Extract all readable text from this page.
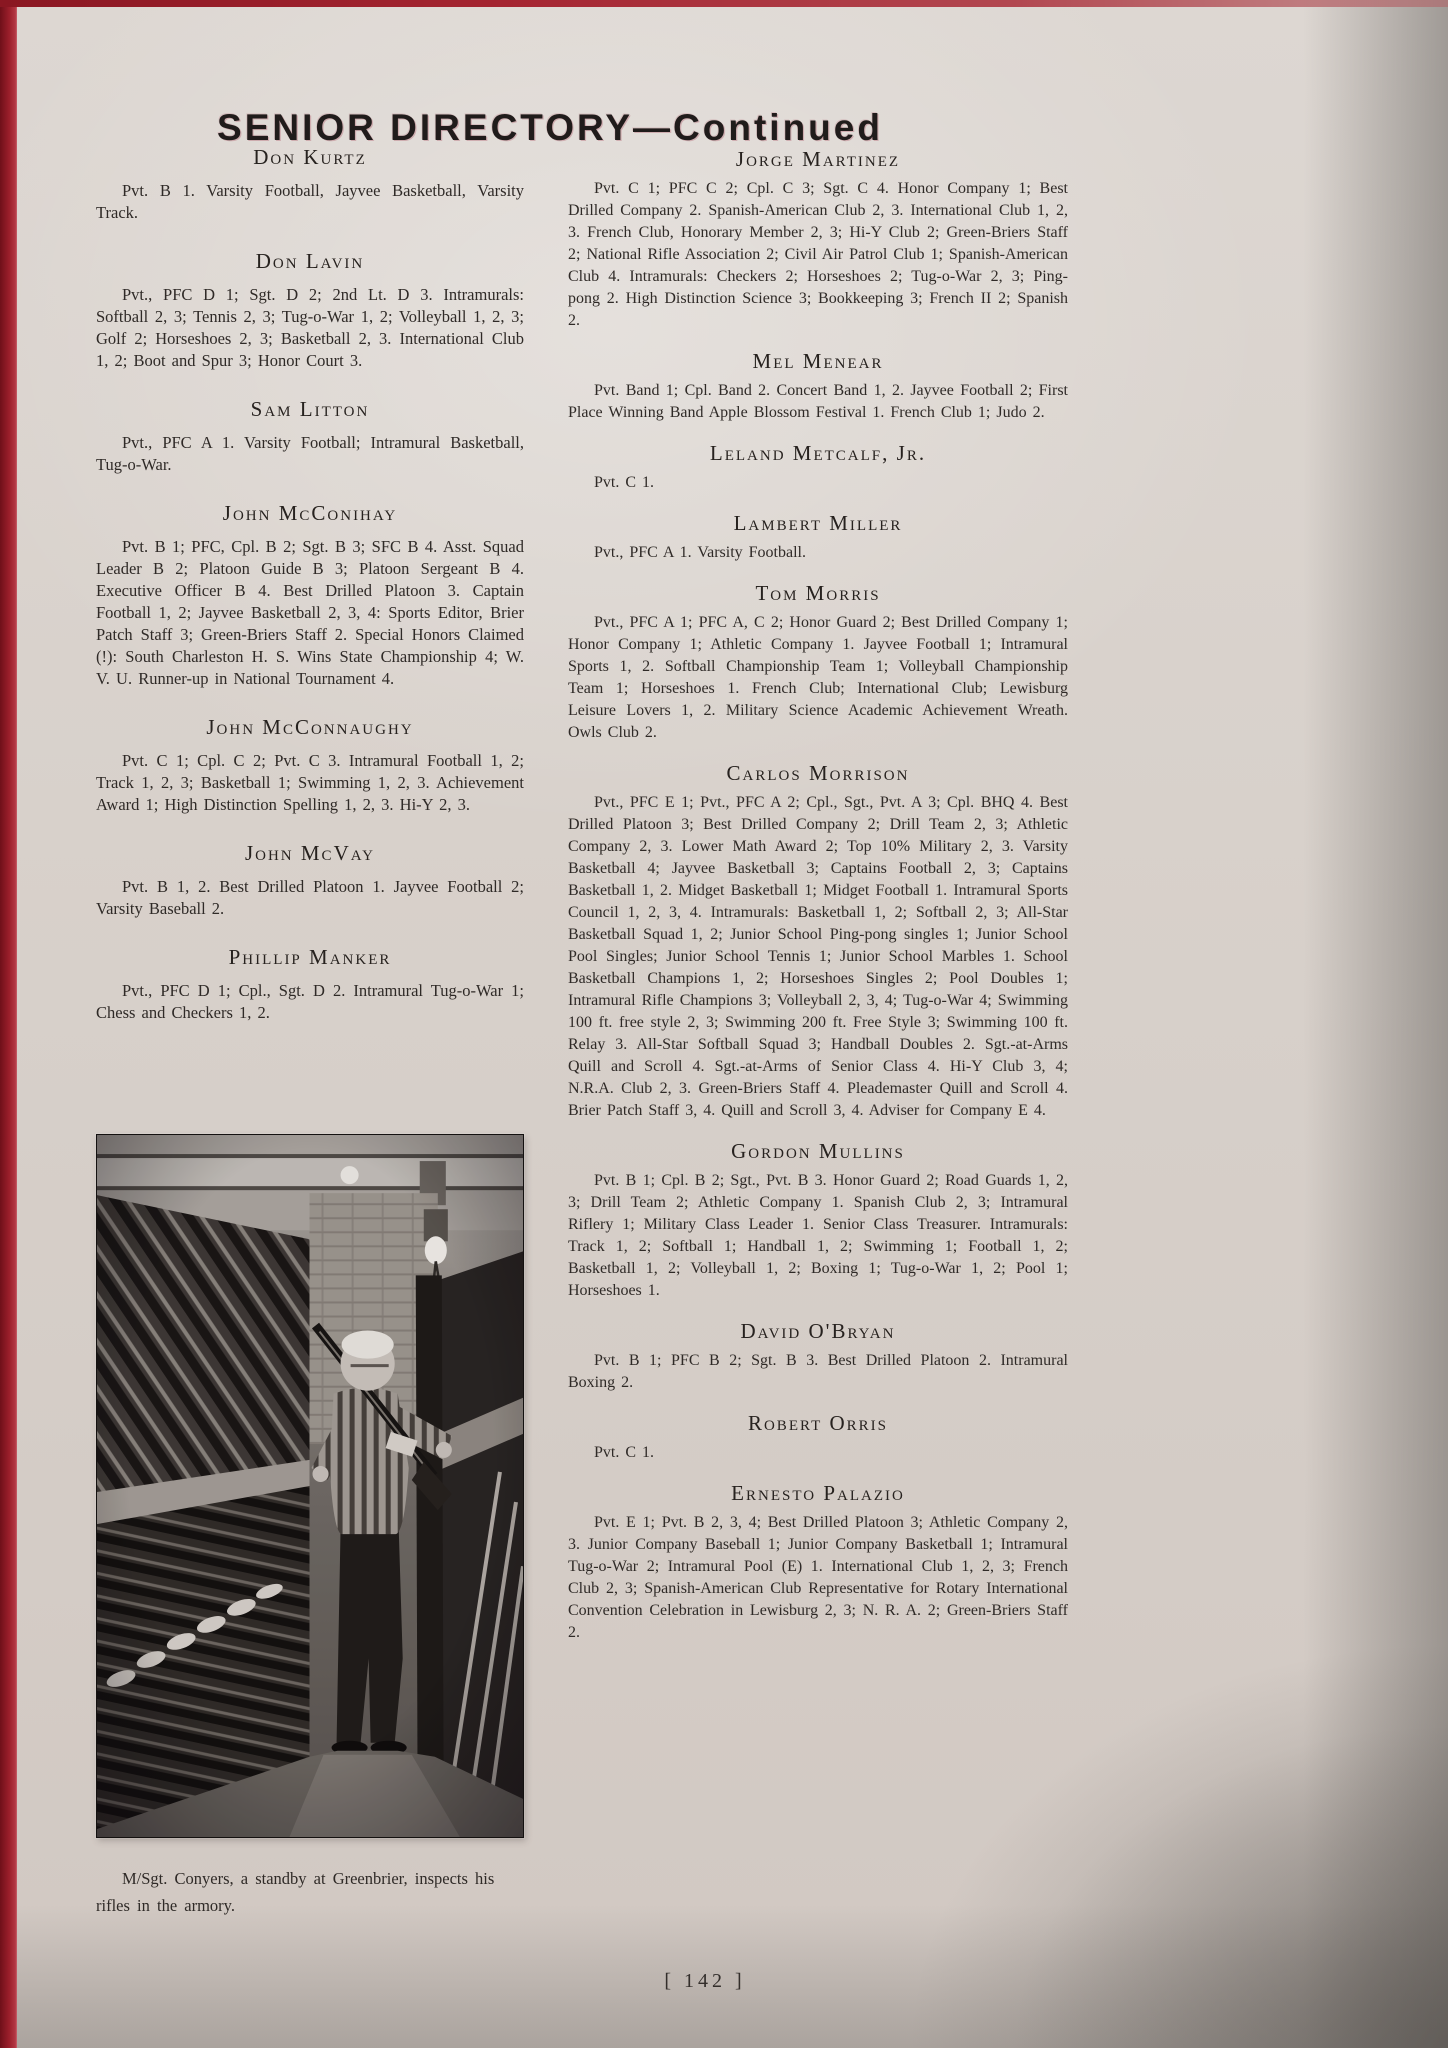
SENIOR DIRECTORY—Continued
Don Kurtz

Pvt. B 1. Varsity Football, Jayvee Basketball, Varsity Track.

Don Lavin

Pvt., PFC D 1; Sgt. D 2; 2nd Lt. D 3. Intramurals: Softball 2, 3; Tennis 2, 3; Tug-o-War 1, 2; Volleyball 1, 2, 3; Golf 2; Horseshoes 2, 3; Basketball 2, 3. International Club 1, 2; Boot and Spur 3; Honor Court 3.

Sam Litton

Pvt., PFC A 1. Varsity Football; Intramural Basketball, Tug-o-War.

John McConihay

Pvt. B 1; PFC, Cpl. B 2; Sgt. B 3; SFC B 4. Asst. Squad Leader B 2; Platoon Guide B 3; Platoon Sergeant B 4. Executive Officer B 4. Best Drilled Platoon 3. Captain Football 1, 2; Jayvee Basketball 2, 3, 4: Sports Editor, Brier Patch Staff 3; Green-Briers Staff 2. Special Honors Claimed (!): South Charleston H. S. Wins State Championship 4; W. V. U. Runner-up in National Tournament 4.

John McConnaughy

Pvt. C 1; Cpl. C 2; Pvt. C 3. Intramural Football 1, 2; Track 1, 2, 3; Basketball 1; Swimming 1, 2, 3. Achievement Award 1; High Distinction Spelling 1, 2, 3. Hi-Y 2, 3.

John McVay

Pvt. B 1, 2. Best Drilled Platoon 1. Jayvee Football 2; Varsity Baseball 2.

Phillip Manker

Pvt., PFC D 1; Cpl., Sgt. D 2. Intramural Tug-o-War 1; Chess and Checkers 1, 2.

M/Sgt. Conyers, a standby at Greenbrier, inspects his rifles in the armory.

Jorge Martinez

Pvt. C 1; PFC C 2; Cpl. C 3; Sgt. C 4. Honor Company 1; Best Drilled Company 2. Spanish-American Club 2, 3. International Club 1, 2, 3. French Club, Honorary Member 2, 3; Hi-Y Club 2; Green-Briers Staff 2; National Rifle Association 2; Civil Air Patrol Club 1; Spanish-American Club 4. Intramurals: Checkers 2; Horseshoes 2; Tug-o-War 2, 3; Ping-pong 2. High Distinction Science 3; Bookkeeping 3; French II 2; Spanish 2.

Mel Menear

Pvt. Band 1; Cpl. Band 2. Concert Band 1, 2. Jayvee Football 2; First Place Winning Band Apple Blossom Festival 1. French Club 1; Judo 2.

Leland Metcalf, Jr.

Pvt. C 1.

Lambert Miller

Pvt., PFC A 1. Varsity Football.

Tom Morris

Pvt., PFC A 1; PFC A, C 2; Honor Guard 2; Best Drilled Company 1; Honor Company 1; Athletic Company 1. Jayvee Football 1; Intramural Sports 1, 2. Softball Championship Team 1; Volleyball Championship Team 1; Horseshoes 1. French Club; International Club; Lewisburg Leisure Lovers 1, 2. Military Science Academic Achievement Wreath. Owls Club 2.

Carlos Morrison

Pvt., PFC E 1; Pvt., PFC A 2; Cpl., Sgt., Pvt. A 3; Cpl. BHQ 4. Best Drilled Platoon 3; Best Drilled Company 2; Drill Team 2, 3; Athletic Company 2, 3. Lower Math Award 2; Top 10% Military 2, 3. Varsity Basketball 4; Jayvee Basketball 3; Captains Football 2, 3; Captains Basketball 1, 2. Midget Basketball 1; Midget Football 1. Intramural Sports Council 1, 2, 3, 4. Intramurals: Basketball 1, 2; Softball 2, 3; All-Star Basketball Squad 1, 2; Junior School Ping-pong singles 1; Junior School Pool Singles; Junior School Tennis 1; Junior School Marbles 1. School Basketball Champions 1, 2; Horseshoes Singles 2; Pool Doubles 1; Intramural Rifle Champions 3; Volleyball 2, 3, 4; Tug-o-War 4; Swimming 100 ft. free style 2, 3; Swimming 200 ft. Free Style 3; Swimming 100 ft. Relay 3. All-Star Softball Squad 3; Handball Doubles 2. Sgt.-at-Arms Quill and Scroll 4. Sgt.-at-Arms of Senior Class 4. Hi-Y Club 3, 4; N.R.A. Club 2, 3. Green-Briers Staff 4. Pleademaster Quill and Scroll 4. Brier Patch Staff 3, 4. Quill and Scroll 3, 4. Adviser for Company E 4.

Gordon Mullins

Pvt. B 1; Cpl. B 2; Sgt., Pvt. B 3. Honor Guard 2; Road Guards 1, 2, 3; Drill Team 2; Athletic Company 1. Spanish Club 2, 3; Intramural Riflery 1; Military Class Leader 1. Senior Class Treasurer. Intramurals: Track 1, 2; Softball 1; Handball 1, 2; Swimming 1; Football 1, 2; Basketball 1, 2; Volleyball 1, 2; Boxing 1; Tug-o-War 1, 2; Pool 1; Horseshoes 1.

David O'Bryan

Pvt. B 1; PFC B 2; Sgt. B 3. Best Drilled Platoon 2. Intramural Boxing 2.

Robert Orris

Pvt. C 1.

Ernesto Palazio

Pvt. E 1; Pvt. B 2, 3, 4; Best Drilled Platoon 3; Athletic Company 2, 3. Junior Company Baseball 1; Junior Company Basketball 1; Intramural Tug-o-War 2; Intramural Pool (E) 1. International Club 1, 2, 3; French Club 2, 3; Spanish-American Club Representative for Rotary International Convention Celebration in Lewisburg 2, 3; N. R. A. 2; Green-Briers Staff 2.

[ 142 ]
